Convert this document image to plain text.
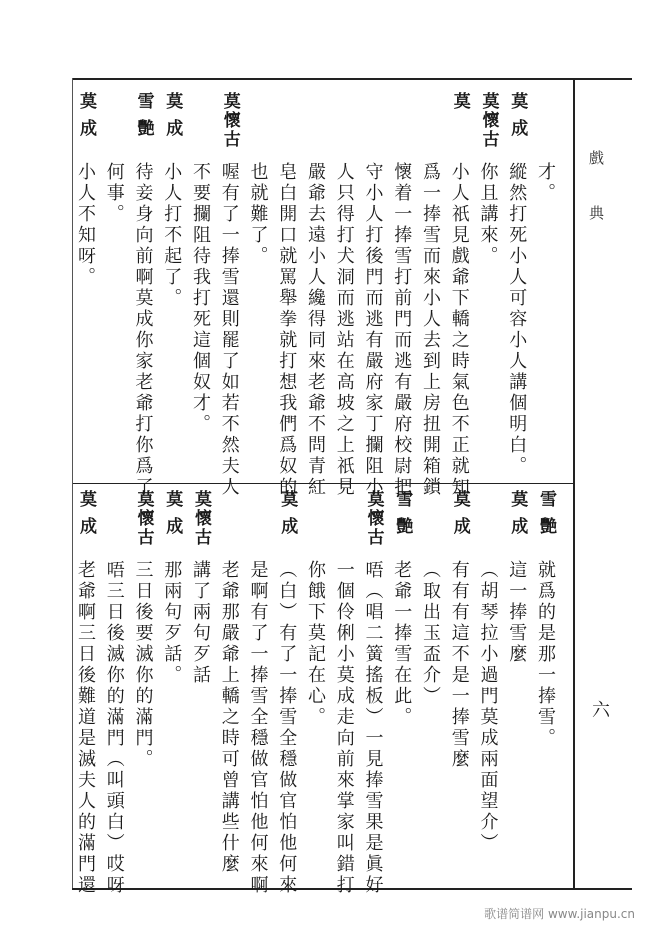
戲典
六
歌谱简谱网 www.jianpu.cn
才。
莫成
縱然打死小人可容小人講個明白。
莫懷古
你且講來。
莫
小人祇見戲爺下轎之時氣色不正就知
爲一捧雪而來小人去到上房扭開箱鎖
懷着一捧雪打前門而逃有嚴府校尉把
守小人打後門而逃有嚴府家丁攔阻小
人只得打犬洞而逃站在高坡之上祇見
嚴爺去遠小人纔得同來老爺不問青紅
皂白開口就罵舉拳就打想我們爲奴的
也就難了。
莫懷古
喔有了一捧雪還則罷了如若不然夫人
不要攔阻待我打死這個奴才。
莫成
小人打不起了。
雪艷
待妾身向前啊莫成你家老爺打你爲了
何事。
莫成
小人不知呀。
雪艷
就爲的是那一捧雪。
莫成
這一捧雪麼
（胡琴拉小過門莫成兩面望介）
莫成
有有有這不是一捧雪麼
（取出玉盃介）
雪艷
老爺一捧雪在此。
莫懷古
唔（唱二簧搖板）一見捧雪果是眞好
一個伶俐小莫成走向前來掌家叫錯打
你餓下莫記在心。
莫成
（白）有了一捧雪全穩做官怕他何來
是啊有了一捧雪全穩做官怕他何來啊
老爺那嚴爺上轎之時可曾講些什麼
莫懷古
講了兩句歹話
莫成
那兩句歹話。
莫懷古
三日後要滅你的滿門。
唔三日後滅你的滿門（叫頭白）哎呀
莫成
老爺啊三日後難道是滅夫人的滿門還
